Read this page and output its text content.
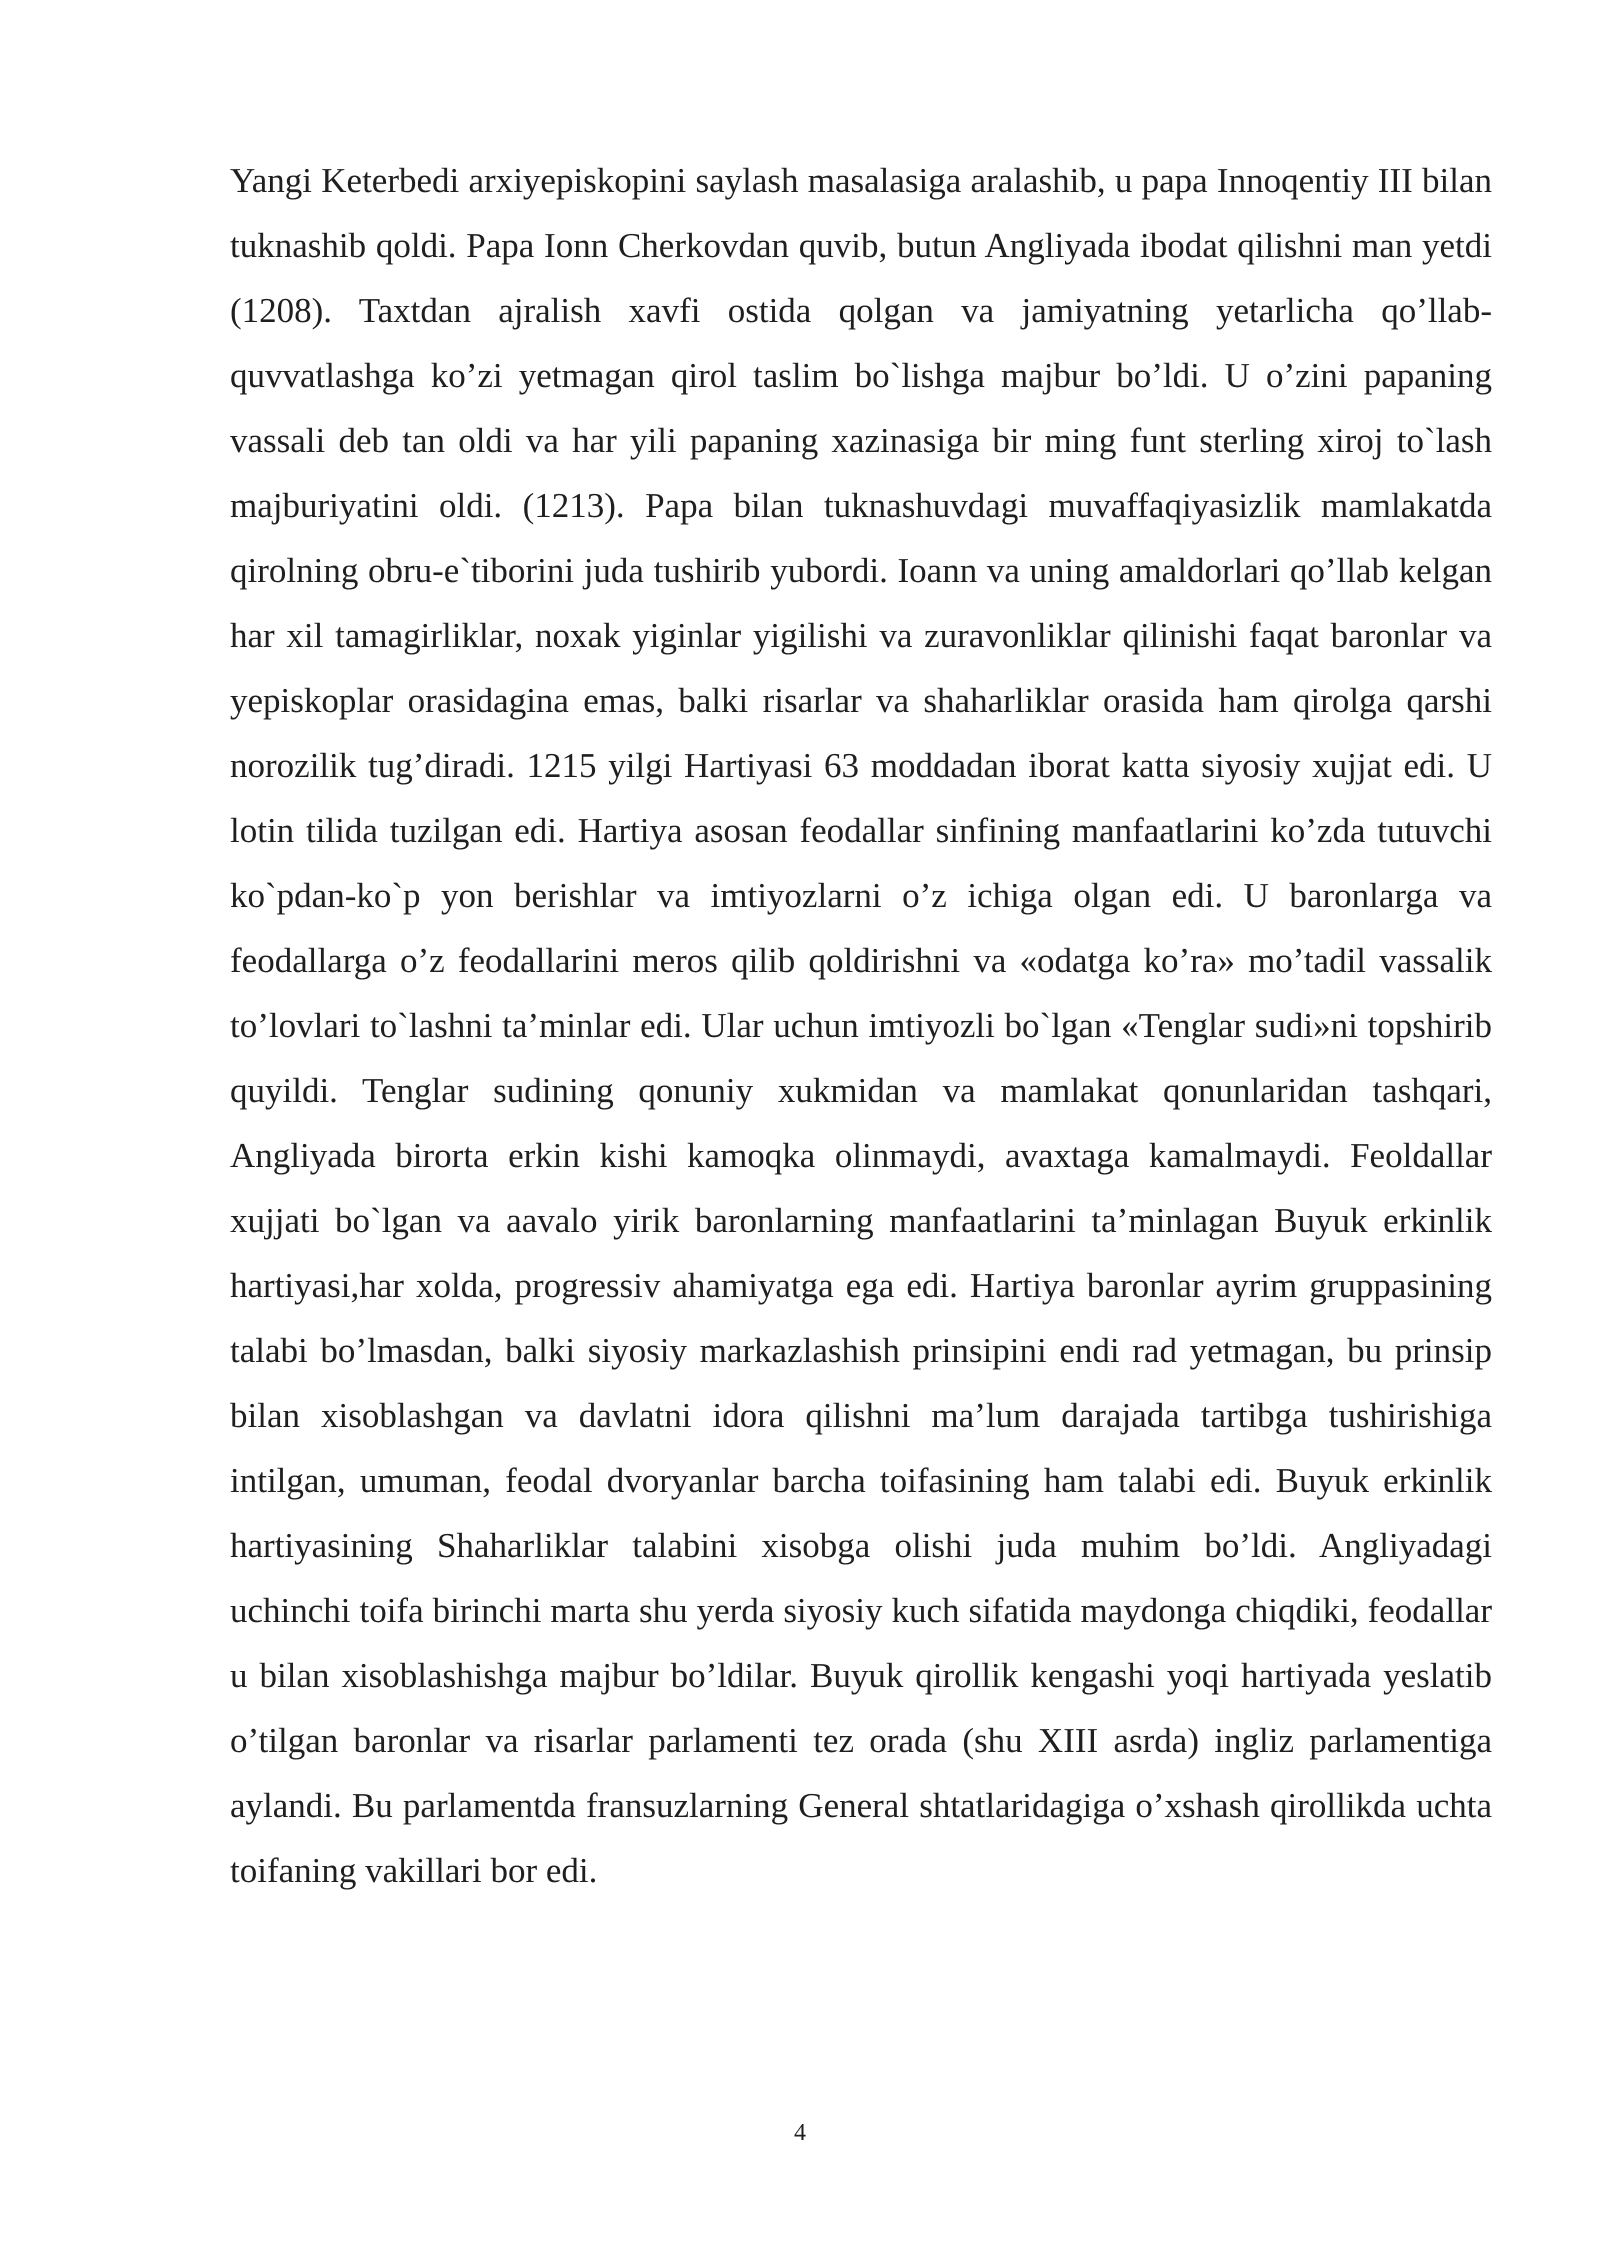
Yangi Keterbedi arxiyepiskopini saylash masalasiga aralashib, u papa Innoqentiy III bilan tuknashib qoldi. Papa Ionn Cherkovdan quvib, butun Angliyada ibodat qilishni man yetdi (1208). Taxtdan ajralish xavfi ostida qolgan va jamiyatning yetarlicha qo’llab-quvvatlashga ko’zi yetmagan qirol taslim bo`lishga majbur bo’ldi. U o’zini papaning vassali deb tan oldi va har yili papaning xazinasiga bir ming funt sterling xiroj to`lash majburiyatini oldi. (1213). Papa bilan tuknashuvdagi muvaffaqiyasizlik mamlakatda qirolning obru-e`tiborini juda tushirib yubordi. Ioann va uning amaldorlari qo’llab kelgan har xil tamagirliklar, noxak yiginlar yigilishi va zuravonliklar qilinishi faqat baronlar va yepiskoplar orasidagina emas, balki risarlar va shaharliklar orasida ham qirolga qarshi norozilik tug’diradi. 1215 yilgi Hartiyasi 63 moddadan iborat katta siyosiy xujjat edi. U lotin tilida tuzilgan edi. Hartiya asosan feodallar sinfining manfaatlarini ko’zda tutuvchi ko`pdan-ko`p yon berishlar va imtiyozlarni o’z ichiga olgan edi. U baronlarga va feodallarga o’z feodallarini meros qilib qoldirishni va «odatga ko’ra» mo’tadil vassalik to’lovlari to`lashni ta’minlar edi. Ular uchun imtiyozli bo`lgan «Tenglar sudi»ni topshirib quyildi. Tenglar sudining qonuniy xukmidan va mamlakat qonunlaridan tashqari, Angliyada birorta erkin kishi kamoqka olinmaydi, avaxtaga kamalmaydi. Feoldallar xujjati bo`lgan va aavalo yirik baronlarning manfaatlarini ta’minlagan Buyuk erkinlik hartiyasi,har xolda, progressiv ahamiyatga ega edi. Hartiya baronlar ayrim gruppasining talabi bo’lmasdan, balki siyosiy markazlashish prinsipini endi rad yetmagan, bu prinsip bilan xisoblashgan va davlatni idora qilishni ma’lum darajada tartibga tushirishiga intilgan, umuman, feodal dvoryanlar barcha toifasining ham talabi edi. Buyuk erkinlik hartiyasining Shaharliklar talabini xisobga olishi juda muhim bo’ldi. Angliyadagi uchinchi toifa birinchi marta shu yerda siyosiy kuch sifatida maydonga chiqdiki, feodallar u bilan xisoblashishga majbur bo’ldilar. Buyuk qirollik kengashi yoqi hartiyada yeslatib o’tilgan baronlar va risarlar parlamenti tez orada (shu XIII asrda) ingliz parlamentiga aylandi. Bu parlamentda fransuzlarning General shtatlaridagiga o’xshash qirollikda uchta toifaning vakillari bor edi.

4
